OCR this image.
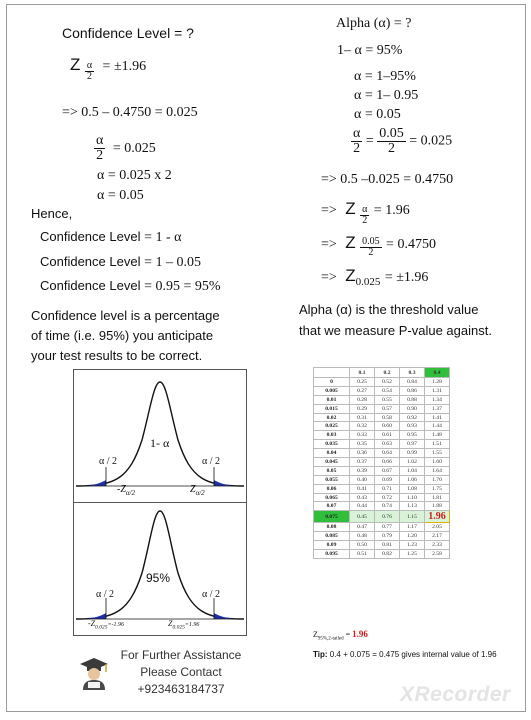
Confidence Level = ?
Z $\frac{\alpha}{2} = \pm 1.96$
=> 0.5 – 0.4750 = 0.025
$\frac{\alpha}{2} = 0.025$
α = 0.025 x 2
α = 0.05
Hence,
Confidence Level = 1 - α
Confidence Level = 1 – 0.05
Confidence Level = 0.95 = 95%
Confidence level is a percentage
of time (i.e. 95%) you anticipate
your test results to be correct.
Alpha (α) = ?
1– α = 95%
α = 1–95%
α = 1– 0.95
α = 0.05
$\frac{\alpha}{2} = \frac{0.05}{2} = 0.025$
=> 0.5 –0.025 = 0.4750
=> Z $\frac{\alpha}{2} = 1.96$
=> Z $\frac{0.05}{2} = 0.4750$
=> $Z_{0.025} = \pm 1.96$
Alpha (α) is the threshold value
that we measure P-value against.
1- α
α / 2	α / 2
$-Z_{\alpha/2}$	$Z_{\alpha/2}$
95%
α / 2	α / 2
$-Z_{0.025}=-1.96$	$Z_{0.025}=1.96$
	0.1	0.2	0.3	0.4
0	0.25	0.52	0.84	1.28
0.005	0.27	0.54	0.86	1.31
0.01	0.28	0.55	0.88	1.34
0.015	0.29	0.57	0.90	1.37
0.02	0.31	0.58	0.92	1.41
0.025	0.32	0.60	0.93	1.44
0.03	0.33	0.61	0.95	1.48
0.035	0.35	0.63	0.97	1.51
0.04	0.36	0.64	0.99	1.55
0.045	0.37	0.66	1.02	1.60
0.05	0.39	0.67	1.04	1.64
0.055	0.40	0.69	1.06	1.70
0.06	0.41	0.71	1.08	1.75
0.065	0.43	0.72	1.10	1.81
0.07	0.44	0.74	1.13	1.88
0.075	0.45	0.76	1.15	1.96
0.08	0.47	0.77	1.17	2.05
0.085	0.48	0.79	1.20	2.17
0.09	0.50	0.81	1.23	2.33
0.095	0.51	0.82	1.25	2.58
$Z_{95\%,2-tailed} = 1.96$
Tip: 0.4 + 0.075 = 0.475 gives internal value of 1.96
For Further Assistance
Please Contact
+923463184737	XRecorder
